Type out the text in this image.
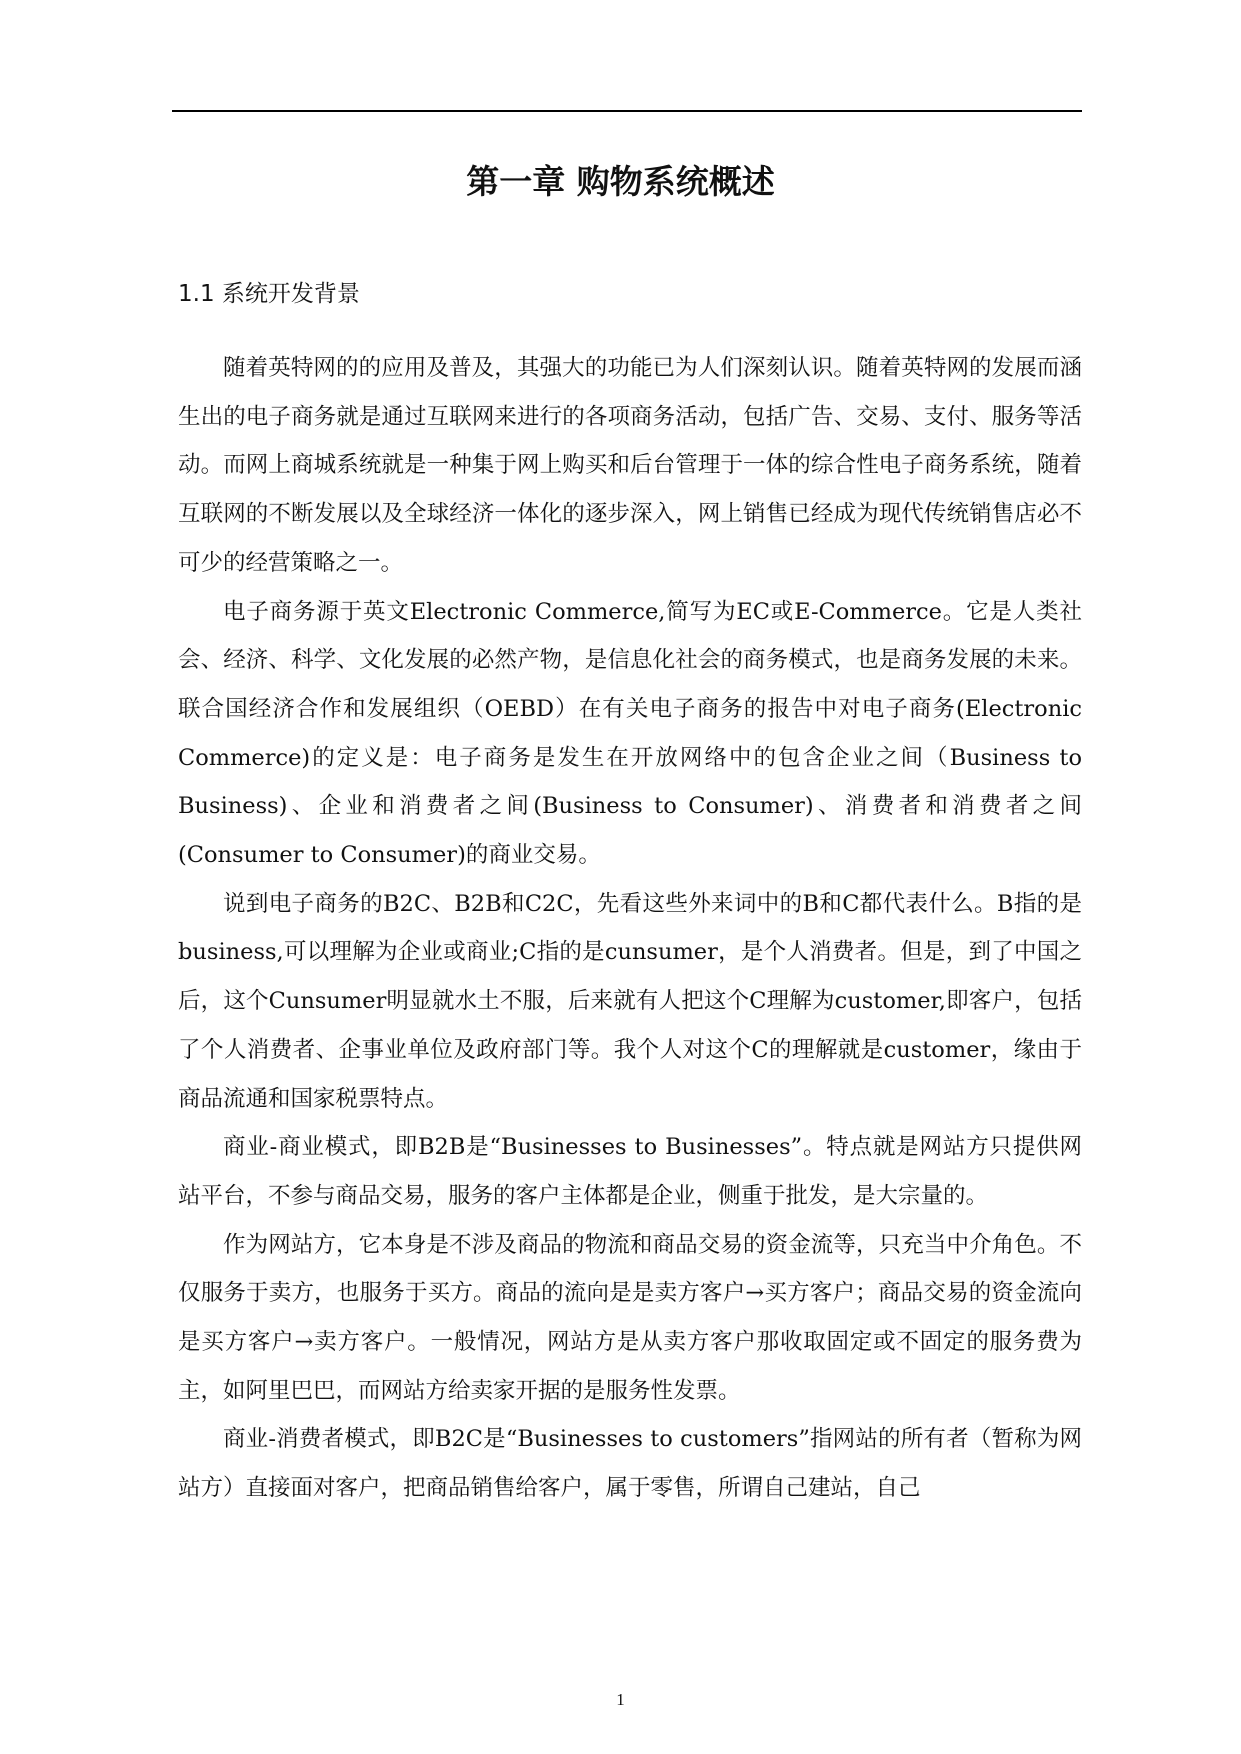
第一章 购物系统概述
1.1 系统开发背景

随着英特网的的应用及普及，其强大的功能已为人们深刻认识。随着英特网的发展而涵生出的电子商务就是通过互联网来进行的各项商务活动，包括广告、交易、支付、服务等活动。而网上商城系统就是一种集于网上购买和后台管理于一体的综合性电子商务系统，随着互联网的不断发展以及全球经济一体化的逐步深入，网上销售已经成为现代传统销售店必不可少的经营策略之一。

电子商务源于英文Electronic Commerce,简写为EC或E-Commerce。它是人类社会、经济、科学、文化发展的必然产物，是信息化社会的商务模式，也是商务发展的未来。联合国经济合作和发展组织（OEBD）在有关电子商务的报告中对电子商务(Electronic Commerce)的定义是：电子商务是发生在开放网络中的包含企业之间（Business to Business)、企业和消费者之间(Business to Consumer)、消费者和消费者之间(Consumer to Consumer)的商业交易。

说到电子商务的B2C、B2B和C2C，先看这些外来词中的B和C都代表什么。B指的是business,可以理解为企业或商业;C指的是cunsumer，是个人消费者。但是，到了中国之后，这个Cunsumer明显就水土不服，后来就有人把这个C理解为customer,即客户，包括了个人消费者、企事业单位及政府部门等。我个人对这个C的理解就是customer，缘由于商品流通和国家税票特点。

商业-商业模式，即B2B是“Businesses to Businesses”。特点就是网站方只提供网站平台，不参与商品交易，服务的客户主体都是企业，侧重于批发，是大宗量的。

作为网站方，它本身是不涉及商品的物流和商品交易的资金流等，只充当中介角色。不仅服务于卖方，也服务于买方。商品的流向是是卖方客户→买方客户；商品交易的资金流向是买方客户→卖方客户。一般情况，网站方是从卖方客户那收取固定或不固定的服务费为主，如阿里巴巴，而网站方给卖家开据的是服务性发票。

商业-消费者模式，即B2C是“Businesses to customers”指网站的所有者（暂称为网站方）直接面对客户，把商品销售给客户，属于零售，所谓自己建站，自己

1
